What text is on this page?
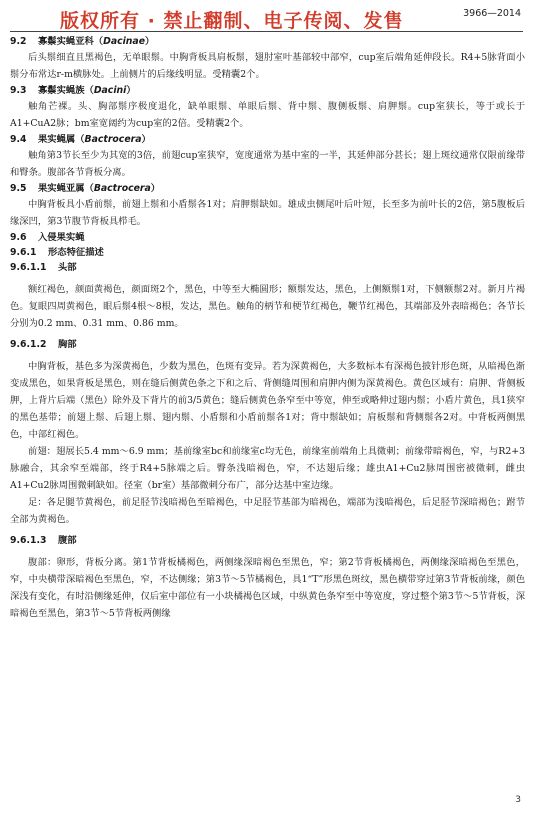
版权所有 · 禁止翻制、电子传阅、发售	3966—2014
9.2 寡鬃实蝇亚科（Dacinae）
后头鬃细直且黑褐色，无单眼鬃。中胸背板具肩板鬃，翅肘室叶基部较中部窄，cup室后端角延伸段长。R4+5脉背面小鬃分布常达r-m横脉处。上前侧片的后缘线明显。受精囊2个。
9.3 寡鬃实蝇族（Dacini）
触角芒裸。头、胸部鬃序极度退化，缺单眼鬃、单眼后鬃、背中鬃、腹侧板鬃、肩胛鬃。cup室狭长，等于或长于A1+CuA2脉；bm室宽阔约为cup室的2倍。受精囊2个。
9.4 果实蝇属（Bactrocera）
触角第3节长至少为其宽的3倍，前翅cup室狭窄，宽度通常为基中室的一半，其延伸部分甚长；翅上斑纹通常仅限前缘带和臀条。腹部各节背板分离。
9.5 果实蝇亚属（Bactrocera）
中胸背板具小盾前鬃，前翅上鬃和小盾鬃各1对；肩胛鬃缺如。雄成虫侧尾叶后叶短，长至多为前叶长的2倍，第5腹板后缘深凹，第3节腹节背板具栉毛。
9.6 入侵果实蝇
9.6.1 形态特征描述
9.6.1.1 头部
额红褐色，颜面黄褐色，颜面斑2个，黑色，中等至大椭圆形；额鬃发达，黑色，上侧额鬃1对，下侧额鬃2对。新月片褐色。复眼四周黄褐色，眼后鬃4根～8根，发达，黑色。触角的柄节和梗节红褐色，鞭节红褐色，其端部及外表暗褐色；各节长分别为0.2 mm、0.31 mm、0.86 mm。
9.6.1.2 胸部
中胸背板，基色多为深黄褐色，少数为黑色，色斑有变异。若为深黄褐色，大多数标本有深褐色披针形色斑，从暗褐色渐变成黑色，如果背板是黑色，则在缝后侧黄色条之下和之后、背侧缝周围和肩胛内侧为深黄褐色。黄色区域有：肩胛、背侧板胛，上背片后端（黑色）除外及下背片的前3/5黄色；缝后侧黄色条窄至中等宽，伸至或略伸过翅内鬃；小盾片黄色，具1狭窄的黑色基带；前翅上鬃、后翅上鬃、翅内鬃、小盾鬃和小盾前鬃各1对；背中鬃缺如；肩板鬃和背侧鬃各2对。中背板两侧黑色，中部红褐色。
前翅：翅展长5.4 mm～6.9 mm；基前缘室bc和前缘室c均无色，前缘室前端角上具微刺；前缘带暗褐色，窄，与R2+3脉融合，其余窄至端部，终于R4+5脉端之后。臀条浅暗褐色，窄，不达翅后缘；雄虫A1+Cu2脉周围密被微刺，雌虫A1+Cu2脉周围微刺缺如。径室（br室）基部微刺分布广，部分达基中室边缘。
足：各足腿节黄褐色，前足胫节浅暗褐色至暗褐色，中足胫节基部为暗褐色，端部为浅暗褐色，后足胫节深暗褐色；跗节全部为黄褐色。
9.6.1.3 腹部
腹部：卵形，背板分离。第1节背板橘褐色，两侧缘深暗褐色至黑色，窄；第2节背板橘褐色，两侧缘深暗褐色至黑色，窄，中央横带深暗褐色至黑色，窄，不达侧缘；第3节～5节橘褐色，具1“T”形黑色斑纹，黑色横带穿过第3节背板前缘，颜色深浅有变化，有时沿侧缘延伸，仅后室中部位有一小块橘褐色区域，中纵黄色条窄至中等宽度，穿过整个第3节～5节背板，深暗褐色至黑色，第3节～5节背板两侧缘
3
